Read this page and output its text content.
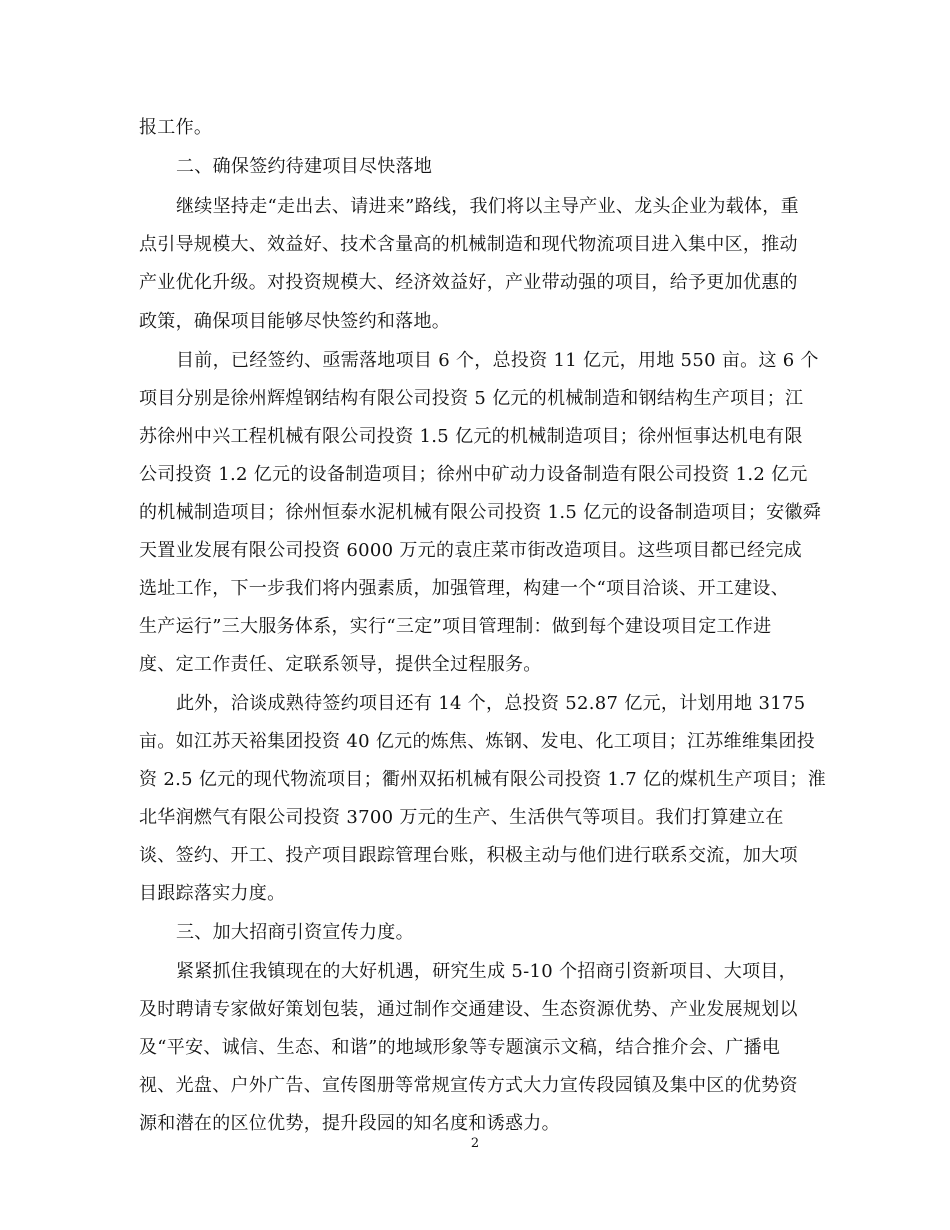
报工作。
二、确保签约待建项目尽快落地
继续坚持走“走出去、请进来”路线，我们将以主导产业、龙头企业为载体，重
点引导规模大、效益好、技术含量高的机械制造和现代物流项目进入集中区，推动
产业优化升级。对投资规模大、经济效益好，产业带动强的项目，给予更加优惠的
政策，确保项目能够尽快签约和落地。
目前，已经签约、亟需落地项目 6 个，总投资 11 亿元，用地 550 亩。这 6 个
项目分别是徐州辉煌钢结构有限公司投资 5 亿元的机械制造和钢结构生产项目；江
苏徐州中兴工程机械有限公司投资 1.5 亿元的机械制造项目；徐州恒事达机电有限
公司投资 1.2 亿元的设备制造项目；徐州中矿动力设备制造有限公司投资 1.2 亿元
的机械制造项目；徐州恒泰水泥机械有限公司投资 1.5 亿元的设备制造项目；安徽舜
天置业发展有限公司投资 6000 万元的袁庄菜市街改造项目。这些项目都已经完成
选址工作，下一步我们将内强素质，加强管理，构建一个“项目洽谈、开工建设、
生产运行”三大服务体系，实行“三定”项目管理制：做到每个建设项目定工作进
度、定工作责任、定联系领导，提供全过程服务。
此外，洽谈成熟待签约项目还有 14 个，总投资 52.87 亿元，计划用地 3175
亩。如江苏天裕集团投资 40 亿元的炼焦、炼钢、发电、化工项目；江苏维维集团投
资 2.5 亿元的现代物流项目；衢州双拓机械有限公司投资 1.7 亿的煤机生产项目；淮
北华润燃气有限公司投资 3700 万元的生产、生活供气等项目。我们打算建立在
谈、签约、开工、投产项目跟踪管理台账，积极主动与他们进行联系交流，加大项
目跟踪落实力度。
三、加大招商引资宣传力度。
紧紧抓住我镇现在的大好机遇，研究生成 5-10 个招商引资新项目、大项目，
及时聘请专家做好策划包装，通过制作交通建设、生态资源优势、产业发展规划以
及“平安、诚信、生态、和谐”的地域形象等专题演示文稿，结合推介会、广播电
视、光盘、户外广告、宣传图册等常规宣传方式大力宣传段园镇及集中区的优势资
源和潜在的区位优势，提升段园的知名度和诱惑力。
2
